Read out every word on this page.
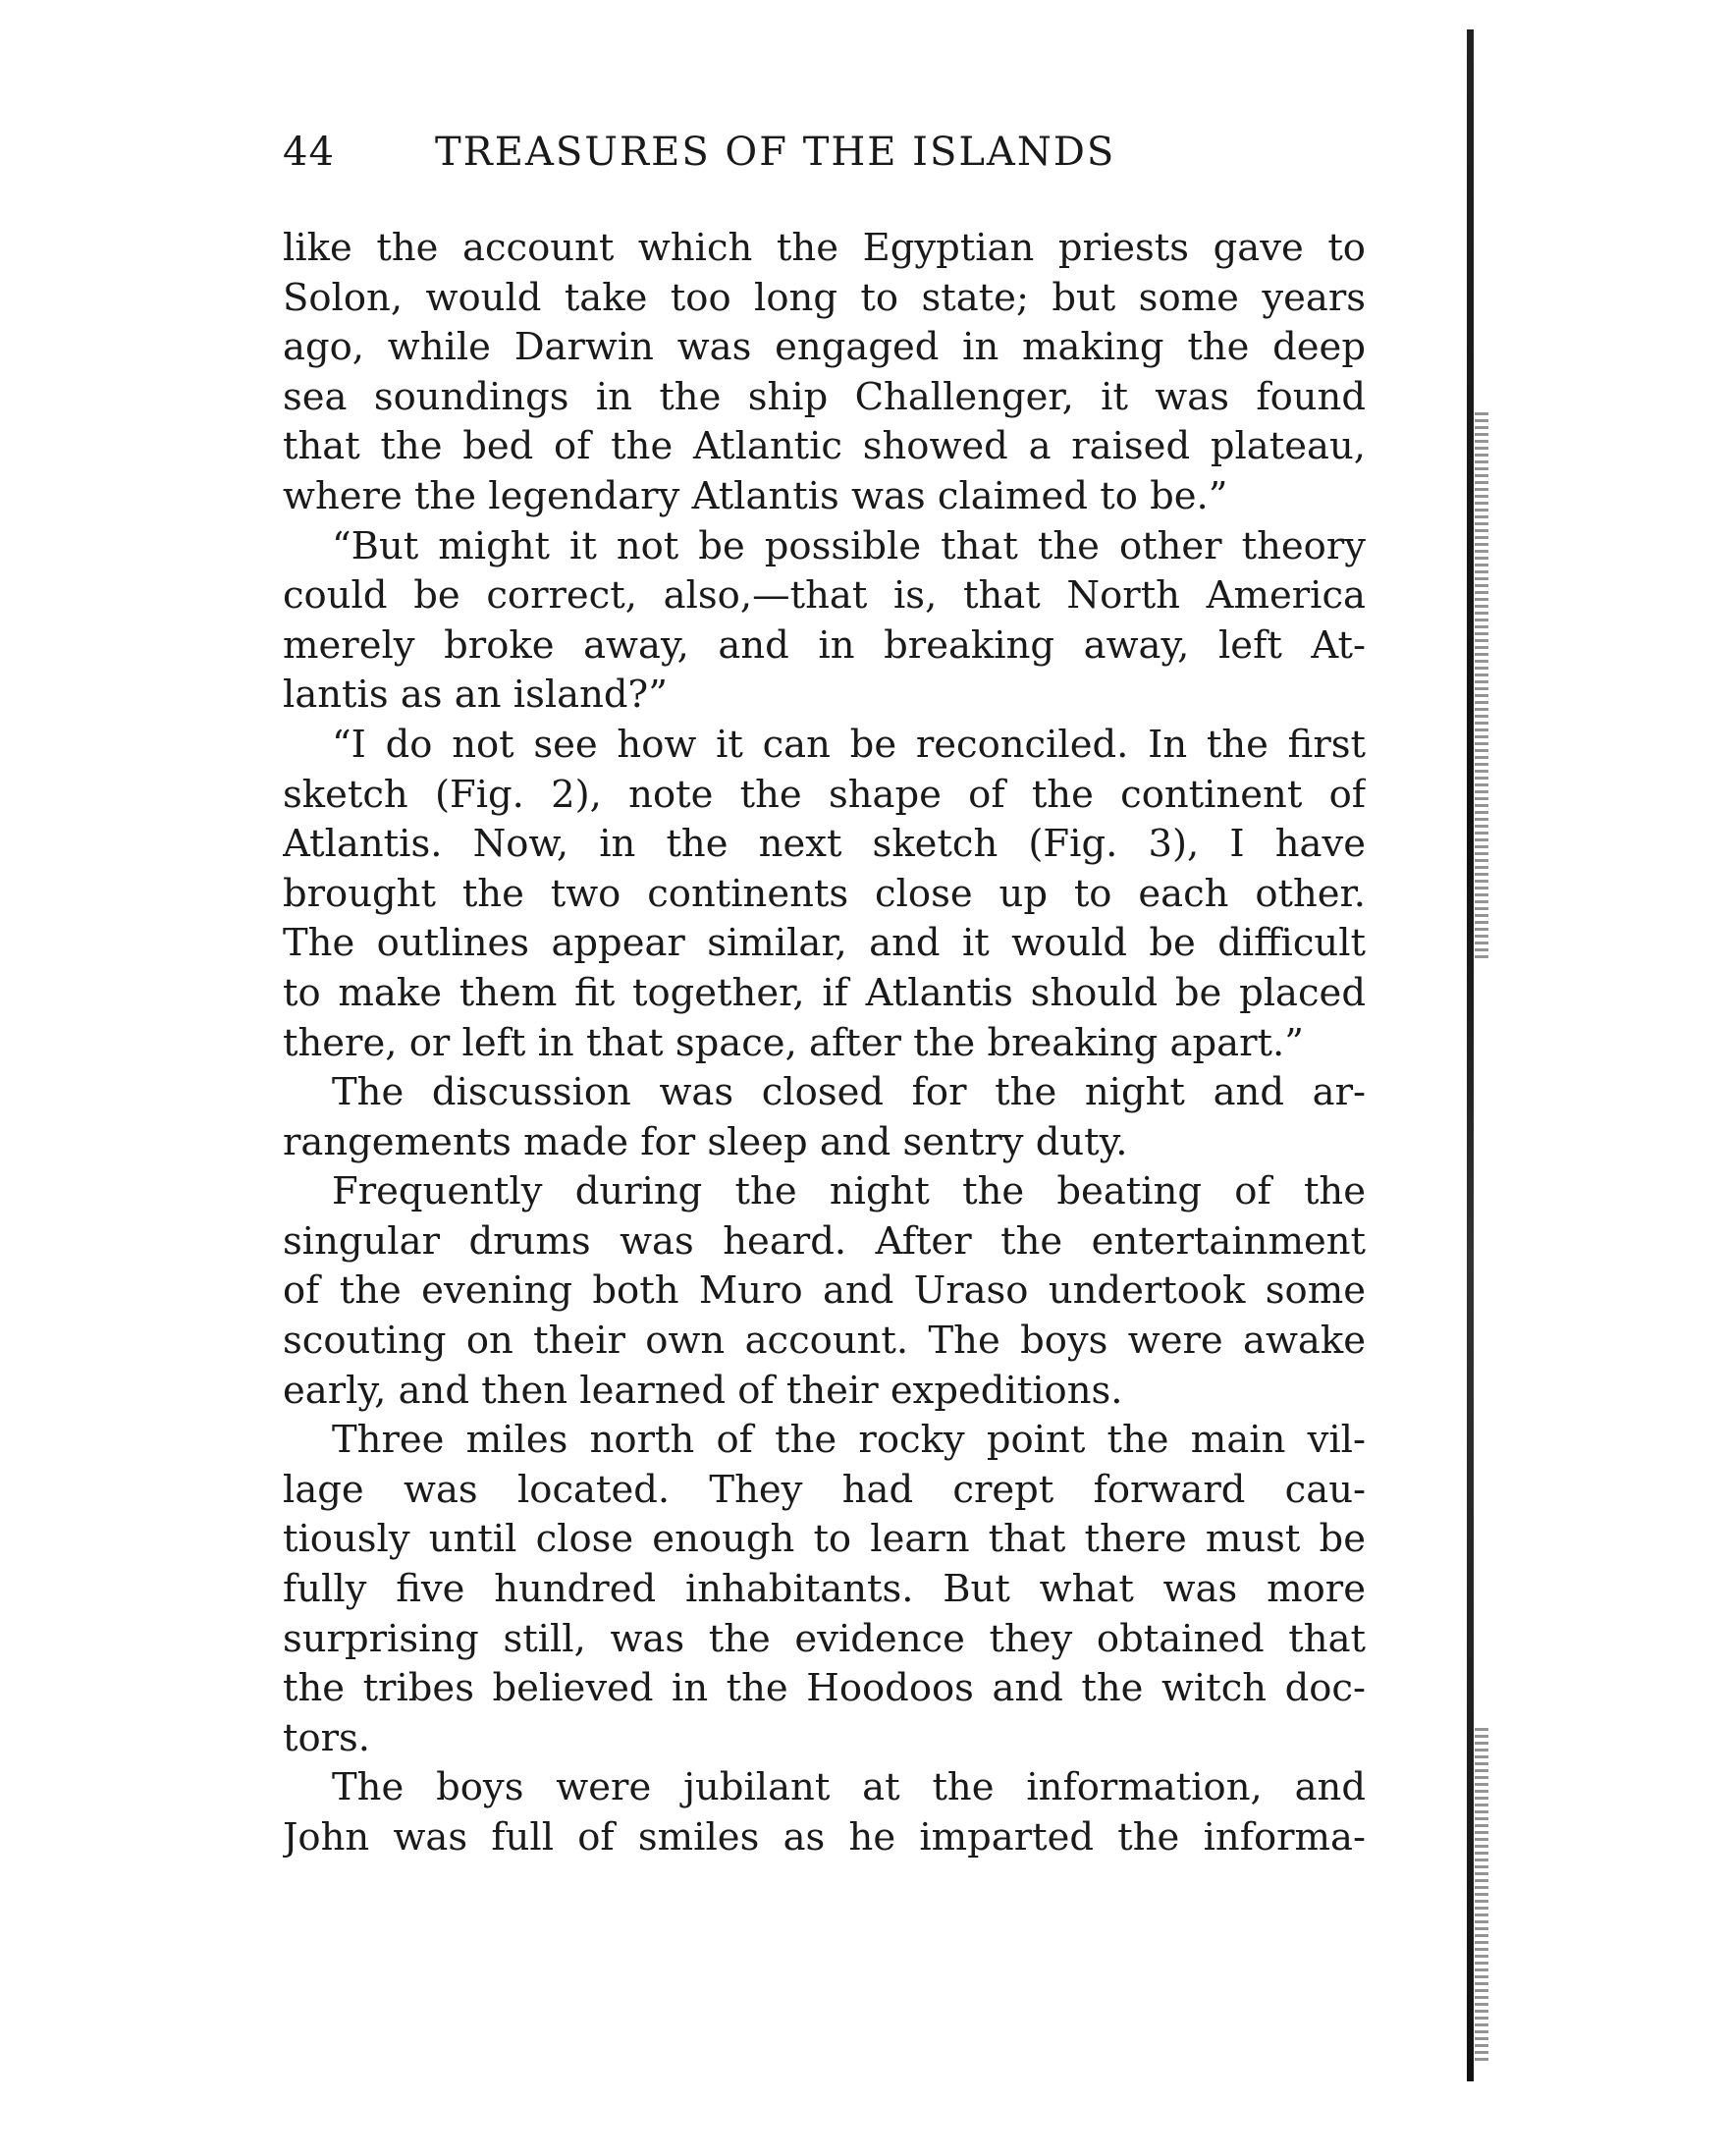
44	TREASURES OF THE ISLANDS
like the account which the Egyptian priests gave to
Solon, would take too long to state; but some years
ago, while Darwin was engaged in making the deep
sea soundings in the ship Challenger, it was found
that the bed of the Atlantic showed a raised plateau,
where the legendary Atlantis was claimed to be.”
“But might it not be possible that the other theory
could be correct, also,—that is, that North America
merely broke away, and in breaking away, left At-
lantis as an island?”
“I do not see how it can be reconciled. In the first
sketch (Fig. 2), note the shape of the continent of
Atlantis. Now, in the next sketch (Fig. 3), I have
brought the two continents close up to each other.
The outlines appear similar, and it would be difficult
to make them fit together, if Atlantis should be placed
there, or left in that space, after the breaking apart.”
The discussion was closed for the night and ar-
rangements made for sleep and sentry duty.
Frequently during the night the beating of the
singular drums was heard. After the entertainment
of the evening both Muro and Uraso undertook some
scouting on their own account. The boys were awake
early, and then learned of their expeditions.
Three miles north of the rocky point the main vil-
lage was located. They had crept forward cau-
tiously until close enough to learn that there must be
fully five hundred inhabitants. But what was more
surprising still, was the evidence they obtained that
the tribes believed in the Hoodoos and the witch doc-
tors.
The boys were jubilant at the information, and
John was full of smiles as he imparted the informa-
